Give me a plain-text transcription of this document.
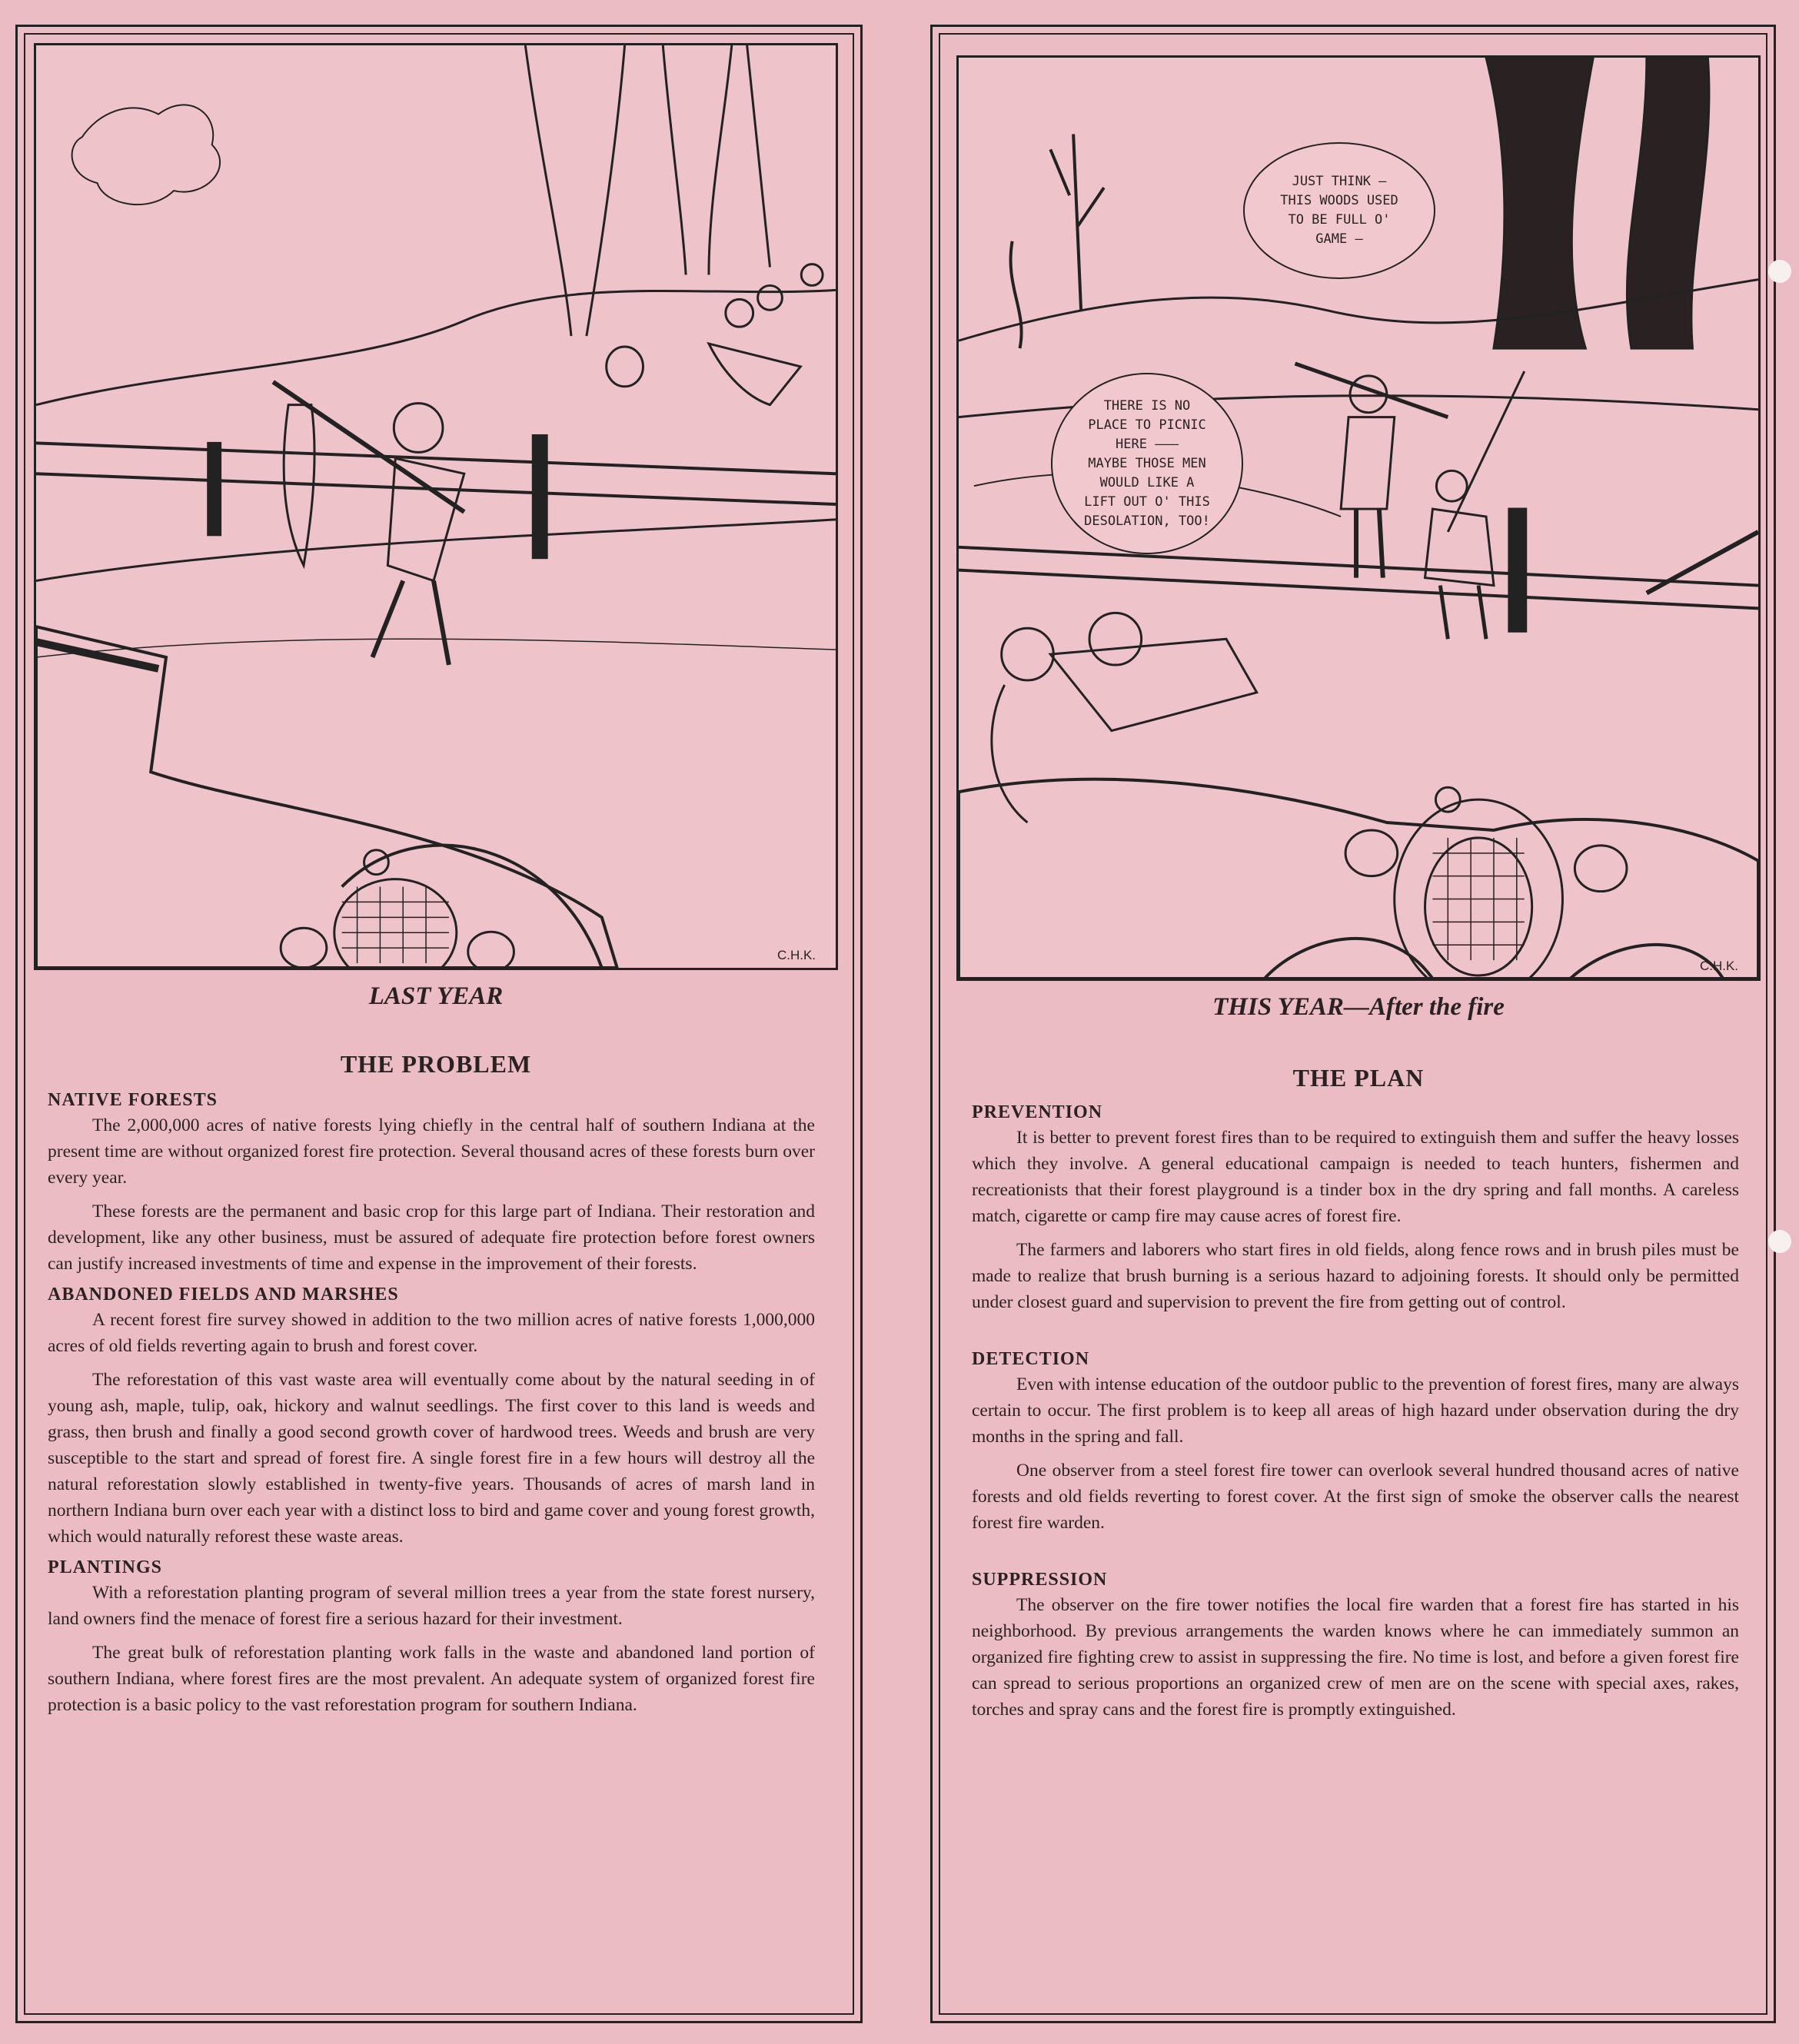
C.H.K.
LAST YEAR
THE PROBLEM
NATIVE FORESTS

The 2,000,000 acres of native forests lying chiefly in the central half of southern Indiana at the present time are without organized forest fire protection. Several thousand acres of these forests burn over every year.

These forests are the permanent and basic crop for this large part of Indiana. Their restoration and development, like any other business, must be assured of adequate fire protection before forest owners can justify increased investments of time and expense in the improvement of their forests.

ABANDONED FIELDS AND MARSHES

A recent forest fire survey showed in addition to the two million acres of native forests 1,000,000 acres of old fields reverting again to brush and forest cover.

The reforestation of this vast waste area will eventually come about by the natural seeding in of young ash, maple, tulip, oak, hickory and walnut seedlings. The first cover to this land is weeds and grass, then brush and finally a good second growth cover of hardwood trees. Weeds and brush are very susceptible to the start and spread of forest fire. A single forest fire in a few hours will destroy all the natural reforestation slowly established in twenty-five years. Thousands of acres of marsh land in northern Indiana burn over each year with a distinct loss to bird and game cover and young forest growth, which would naturally reforest these waste areas.

PLANTINGS

With a reforestation planting program of several million trees a year from the state forest nursery, land owners find the menace of forest fire a serious hazard for their investment.

The great bulk of reforestation planting work falls in the waste and abandoned land portion of southern Indiana, where forest fires are the most prevalent. An adequate system of organized forest fire protection is a basic policy to the vast reforestation program for southern Indiana.

JUST THINK —
THIS WOODS USED
TO BE FULL O'
GAME —
THERE IS NO
PLACE TO PICNIC
HERE ———
MAYBE THOSE MEN
WOULD LIKE A
LIFT OUT O' THIS
DESOLATION, TOO!
C.H.K.
THIS YEAR—After the fire
THE PLAN
PREVENTION

It is better to prevent forest fires than to be required to extinguish them and suffer the heavy losses which they involve. A general educational campaign is needed to teach hunters, fishermen and recreationists that their forest playground is a tinder box in the dry spring and fall months. A careless match, cigarette or camp fire may cause acres of forest fire.

The farmers and laborers who start fires in old fields, along fence rows and in brush piles must be made to realize that brush burning is a serious hazard to adjoining forests. It should only be permitted under closest guard and supervision to prevent the fire from getting out of control.

DETECTION

Even with intense education of the outdoor public to the prevention of forest fires, many are always certain to occur. The first problem is to keep all areas of high hazard under observation during the dry months in the spring and fall.

One observer from a steel forest fire tower can overlook several hundred thousand acres of native forests and old fields reverting to forest cover. At the first sign of smoke the observer calls the nearest forest fire warden.

SUPPRESSION

The observer on the fire tower notifies the local fire warden that a forest fire has started in his neighborhood. By previous arrangements the warden knows where he can immediately summon an organized fire fighting crew to assist in suppressing the fire. No time is lost, and before a given forest fire can spread to serious proportions an organized crew of men are on the scene with special axes, rakes, torches and spray cans and the forest fire is promptly extinguished.
